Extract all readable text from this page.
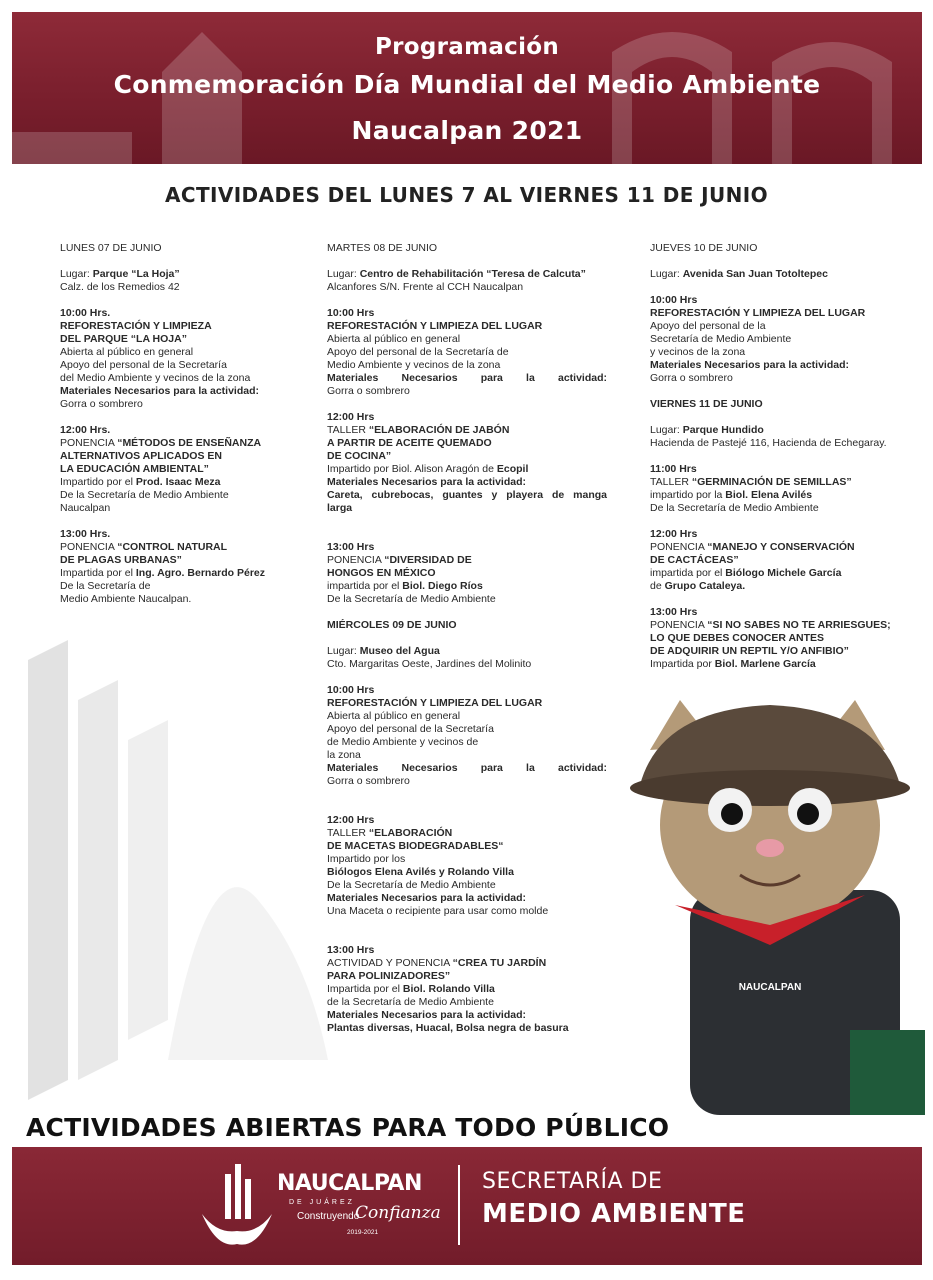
Programación
Conmemoración Día Mundial del Medio Ambiente
Naucalpan 2021
ACTIVIDADES DEL LUNES 7 AL VIERNES 11 DE JUNIO

LUNES 07 DE JUNIO

Lugar: Parque “La Hoja”

Calz. de los Remedios 42

10:00 Hrs.

REFORESTACIÓN Y LIMPIEZA

DEL PARQUE “LA HOJA”

Abierta al público en general

Apoyo del personal de la Secretaría

del Medio Ambiente y vecinos de la zona

Materiales Necesarios para la actividad:

Gorra o sombrero

12:00 Hrs.

PONENCIA “MÉTODOS DE ENSEÑANZA

ALTERNATIVOS APLICADOS EN

LA EDUCACIÓN AMBIENTAL”

Impartido por el Prod. Isaac Meza

De la Secretaría de Medio Ambiente

Naucalpan

13:00 Hrs.

PONENCIA “CONTROL NATURAL

DE PLAGAS URBANAS”

Impartida por el Ing. Agro. Bernardo Pérez

De la Secretaría de

Medio Ambiente Naucalpan.

MARTES 08 DE JUNIO

Lugar: Centro de Rehabilitación “Teresa de Calcuta”

Alcanfores S/N. Frente al CCH Naucalpan

10:00 Hrs

REFORESTACIÓN Y LIMPIEZA DEL LUGAR

Abierta al público en general

Apoyo del personal de la Secretaría de

Medio Ambiente y vecinos de la zona

Materiales Necesarios para la actividad:

Gorra o sombrero

12:00 Hrs

TALLER “ELABORACIÓN DE JABÓN

A PARTIR DE ACEITE QUEMADO

DE COCINA”

Impartido por Biol. Alison Aragón de Ecopil

Materiales Necesarios para la actividad:

Careta, cubrebocas, guantes y playera de manga

larga

13:00 Hrs

PONENCIA “DIVERSIDAD DE

HONGOS EN MÉXICO

impartida por el Biol. Diego Ríos

De la Secretaría de Medio Ambiente

MIÉRCOLES 09 DE JUNIO

Lugar: Museo del Agua

Cto. Margaritas Oeste, Jardines del Molinito

10:00 Hrs

REFORESTACIÓN Y LIMPIEZA DEL LUGAR

Abierta al público en general

Apoyo del personal de la Secretaría

de Medio Ambiente y vecinos de

la zona

Materiales Necesarios para la actividad:

Gorra o sombrero

12:00 Hrs

TALLER “ELABORACIÓN

DE MACETAS BIODEGRADABLES“

Impartido por los

Biólogos Elena Avilés y Rolando Villa

De la Secretaría de Medio Ambiente

Materiales Necesarios para la actividad:

Una Maceta o recipiente para usar como molde

13:00 Hrs

ACTIVIDAD Y PONENCIA “CREA TU JARDÍN

PARA POLINIZADORES”

Impartida por el Biol. Rolando Villa

de la Secretaría de Medio Ambiente

Materiales Necesarios para la actividad:

Plantas diversas, Huacal, Bolsa negra de basura

JUEVES 10 DE JUNIO

Lugar: Avenida San Juan Totoltepec

10:00 Hrs

REFORESTACIÓN Y LIMPIEZA DEL LUGAR

Apoyo del personal de la

Secretaría de Medio Ambiente

y vecinos de la zona

Materiales Necesarios para la actividad:

Gorra o sombrero

VIERNES 11 DE JUNIO

Lugar: Parque Hundido

Hacienda de Pastejé 116, Hacienda de Echegaray.

11:00 Hrs

TALLER “GERMINACIÓN DE SEMILLAS”

impartido por la Biol. Elena Avilés

De la Secretaría de Medio Ambiente

12:00 Hrs

PONENCIA “MANEJO Y CONSERVACIÓN

DE CACTÁCEAS”

impartida por el Biólogo Michele García

de Grupo Cataleya.

13:00 Hrs

PONENCIA “SI NO SABES NO TE ARRIESGUES;

LO QUE DEBES CONOCER ANTES

DE ADQUIRIR UN REPTIL Y/O ANFIBIO”

Impartida por Biol. Marlene García

NAUCALPAN
ACTIVIDADES ABIERTAS PARA TODO PÚBLICO
NAUCALPAN
DE JUÁREZ
Construyendo
Confianza
2019-2021
SECRETARÍA DE
MEDIO AMBIENTE
